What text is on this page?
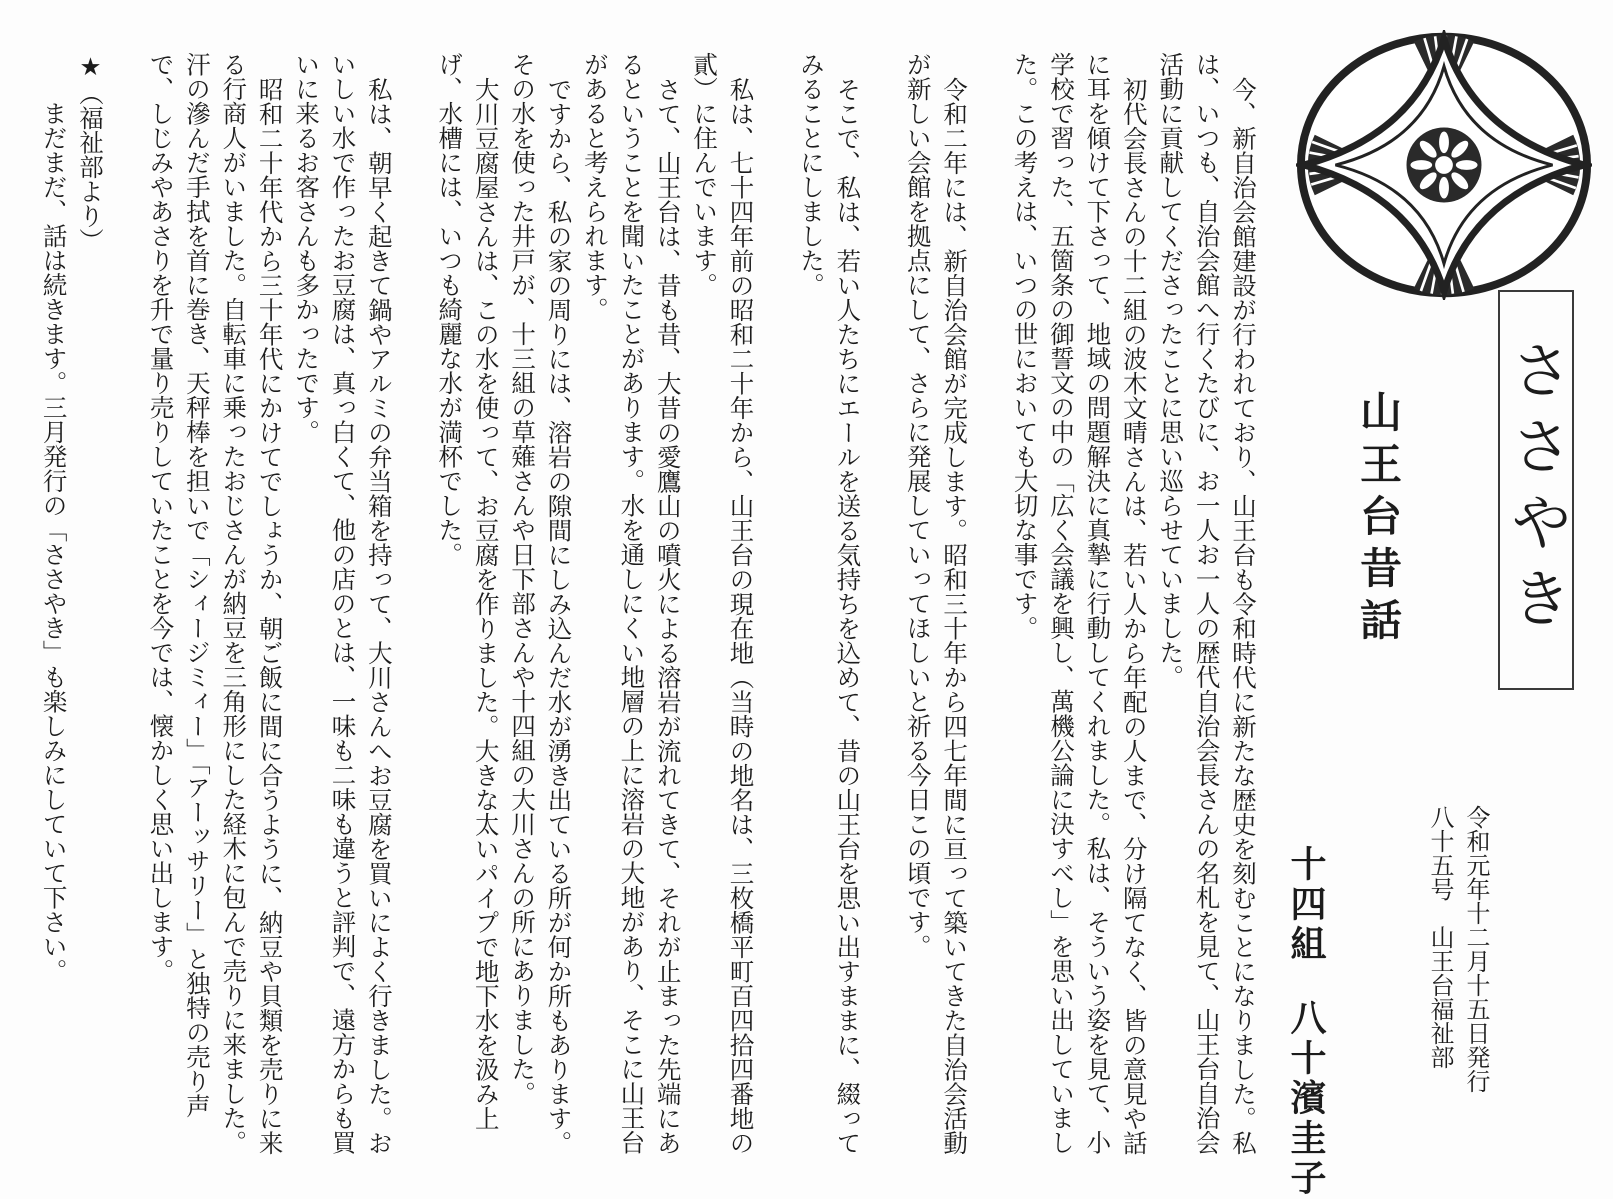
ささやき
山王台昔話
十四組八十濱圭子
令和元年十二月十五日発行
八十五号　山王台福祉部

今、新自治会館建設が行われており、山王台も令和時代に新たな歴史を刻むことになりました。私は、いつも、自治会館へ行くたびに、お一人お一人の歴代自治会長さんの名札を見て、山王台自治会活動に貢献してくださったことに思い巡らせていました。

初代会長さんの十二組の波木文晴さんは、若い人から年配の人まで、分け隔てなく、皆の意見や話に耳を傾けて下さって、地域の問題解決に真摯に行動してくれました。私は、そういう姿を見て、小学校で習った、五箇条の御誓文の中の「広く会議を興し、萬機公論に決すべし」を思い出していました。この考えは、いつの世においても大切な事です。

令和二年には、新自治会館が完成します。昭和三十年から四七年間に亘って築いてきた自治会活動が新しい会館を拠点にして、さらに発展していってほしいと祈る今日この頃です。

そこで、私は、若い人たちにエールを送る気持ちを込めて、昔の山王台を思い出すままに、綴ってみることにしました。

私は、七十四年前の昭和二十年から、山王台の現在地（当時の地名は、三枚橋平町百四拾四番地の貳）に住んでいます。

さて、山王台は、昔も昔、大昔の愛鷹山の噴火による溶岩が流れてきて、それが止まった先端にあるということを聞いたことがあります。水を通しにくい地層の上に溶岩の大地があり、そこに山王台があると考えられます。

ですから、私の家の周りには、溶岩の隙間にしみ込んだ水が湧き出ている所が何か所もあります。その水を使った井戸が、十三組の草薙さんや日下部さんや十四組の大川さんの所にありました。

大川豆腐屋さんは、この水を使って、お豆腐を作りました。大きな太いパイプで地下水を汲み上げ、水槽には、いつも綺麗な水が満杯でした。

私は、朝早く起きて鍋やアルミの弁当箱を持って、大川さんへお豆腐を買いによく行きました。おいしい水で作ったお豆腐は、真っ白くて、他の店のとは、一味も二味も違うと評判で、遠方からも買いに来るお客さんも多かったです。

昭和二十年代から三十年代にかけてでしょうか、朝ご飯に間に合うように、納豆や貝類を売りに来る行商人がいました。自転車に乗ったおじさんが納豆を三角形にした経木に包んで売りに来ました。汗の滲んだ手拭を首に巻き、天秤棒を担いで「シィージミィー」「アーッサリー」と独特の売り声で、しじみやあさりを升で量り売りしていたことを今では、懐かしく思い出します。

★（福祉部より）

まだまだ、話は続きます。三月発行の「ささやき」も楽しみにしていて下さい。
